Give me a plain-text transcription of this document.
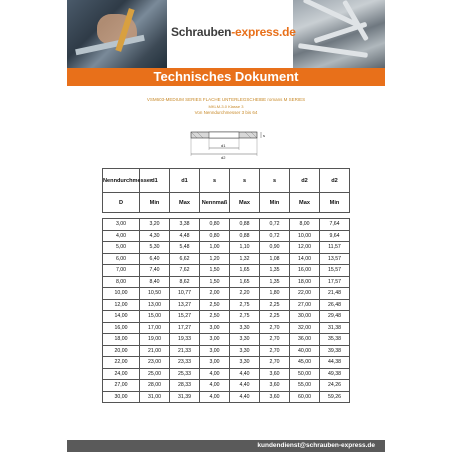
Schrauben-express.de
Technisches Dokument
VSM603-MEDIUM SERIES FLACHE UNTERLEGSCHEIBE romans M SERIES
MKLM-3.0 Klasse 3
Von Nenndurchmesser 3 bis 64
d1
d2
s
Nenndurchmesser	d1	d1	s	s	s	d2	d2
D	Min	Max	Nennmaß	Max	Min	Max	Min

3,00	3,20	3,38	0,80	0,88	0,72	8,00	7,64
4,00	4,30	4,48	0,80	0,88	0,72	10,00	9,64
5,00	5,30	5,48	1,00	1,10	0,90	12,00	11,57
6,00	6,40	6,62	1,20	1,32	1,08	14,00	13,57
7,00	7,40	7,62	1,50	1,65	1,35	16,00	15,57
8,00	8,40	8,62	1,50	1,65	1,35	18,00	17,57
10,00	10,50	10,77	2,00	2,20	1,80	22,00	21,48
12,00	13,00	13,27	2,50	2,75	2,25	27,00	26,48
14,00	15,00	15,27	2,50	2,75	2,25	30,00	29,48
16,00	17,00	17,27	3,00	3,30	2,70	32,00	31,38
18,00	19,00	19,33	3,00	3,30	2,70	36,00	35,38
20,00	21,00	21,33	3,00	3,30	2,70	40,00	39,38
22,00	23,00	23,33	3,00	3,30	2,70	45,00	44,38
24,00	25,00	25,33	4,00	4,40	3,60	50,00	49,38
27,00	28,00	28,33	4,00	4,40	3,60	55,00	24,26
30,00	31,00	31,39	4,00	4,40	3,60	60,00	59,26
kundendienst@schrauben-express.de
